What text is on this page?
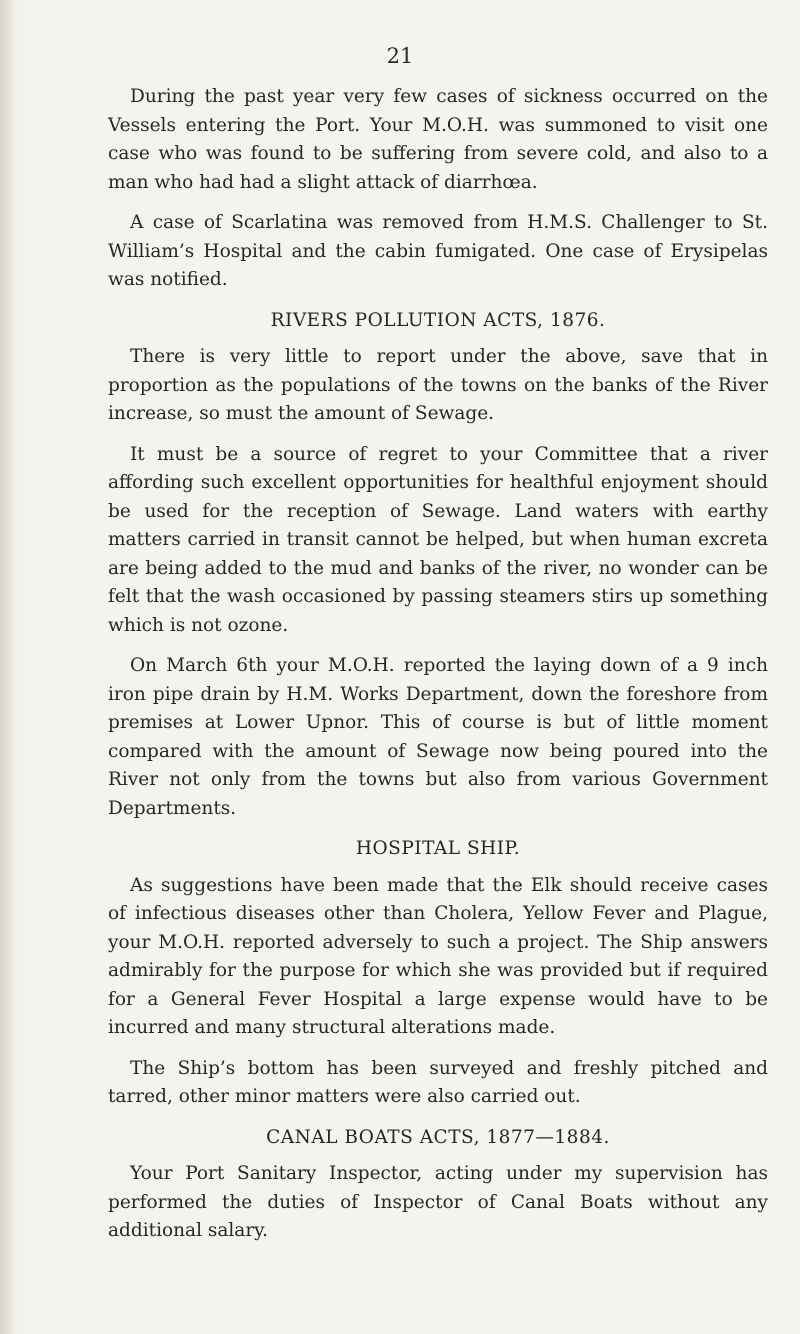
21

During the past year very few cases of sickness occurred on the Vessels entering the Port. Your M.O.H. was summoned to visit one case who was found to be suffering from severe cold, and also to a man who had had a slight attack of diarrhœa.

A case of Scarlatina was removed from H.M.S. Challenger to St. William’s Hospital and the cabin fumigated. One case of Erysipelas was notified.

RIVERS POLLUTION ACTS, 1876.

There is very little to report under the above, save that in proportion as the populations of the towns on the banks of the River increase, so must the amount of Sewage.

It must be a source of regret to your Committee that a river affording such excellent opportunities for healthful enjoyment should be used for the reception of Sewage. Land waters with earthy matters carried in transit cannot be helped, but when human excreta are being added to the mud and banks of the river, no wonder can be felt that the wash occasioned by passing steamers stirs up something which is not ozone.

On March 6th your M.O.H. reported the laying down of a 9 inch iron pipe drain by H.M. Works Department, down the foreshore from premises at Lower Upnor. This of course is but of little moment compared with the amount of Sewage now being poured into the River not only from the towns but also from various Government Departments.

HOSPITAL SHIP.

As suggestions have been made that the Elk should receive cases of infectious diseases other than Cholera, Yellow Fever and Plague, your M.O.H. reported adversely to such a project. The Ship answers admirably for the purpose for which she was provided but if required for a General Fever Hospital a large expense would have to be incurred and many structural alterations made.

The Ship’s bottom has been surveyed and freshly pitched and tarred, other minor matters were also carried out.

CANAL BOATS ACTS, 1877—1884.

Your Port Sanitary Inspector, acting under my supervision has performed the duties of Inspector of Canal Boats without any additional salary.
